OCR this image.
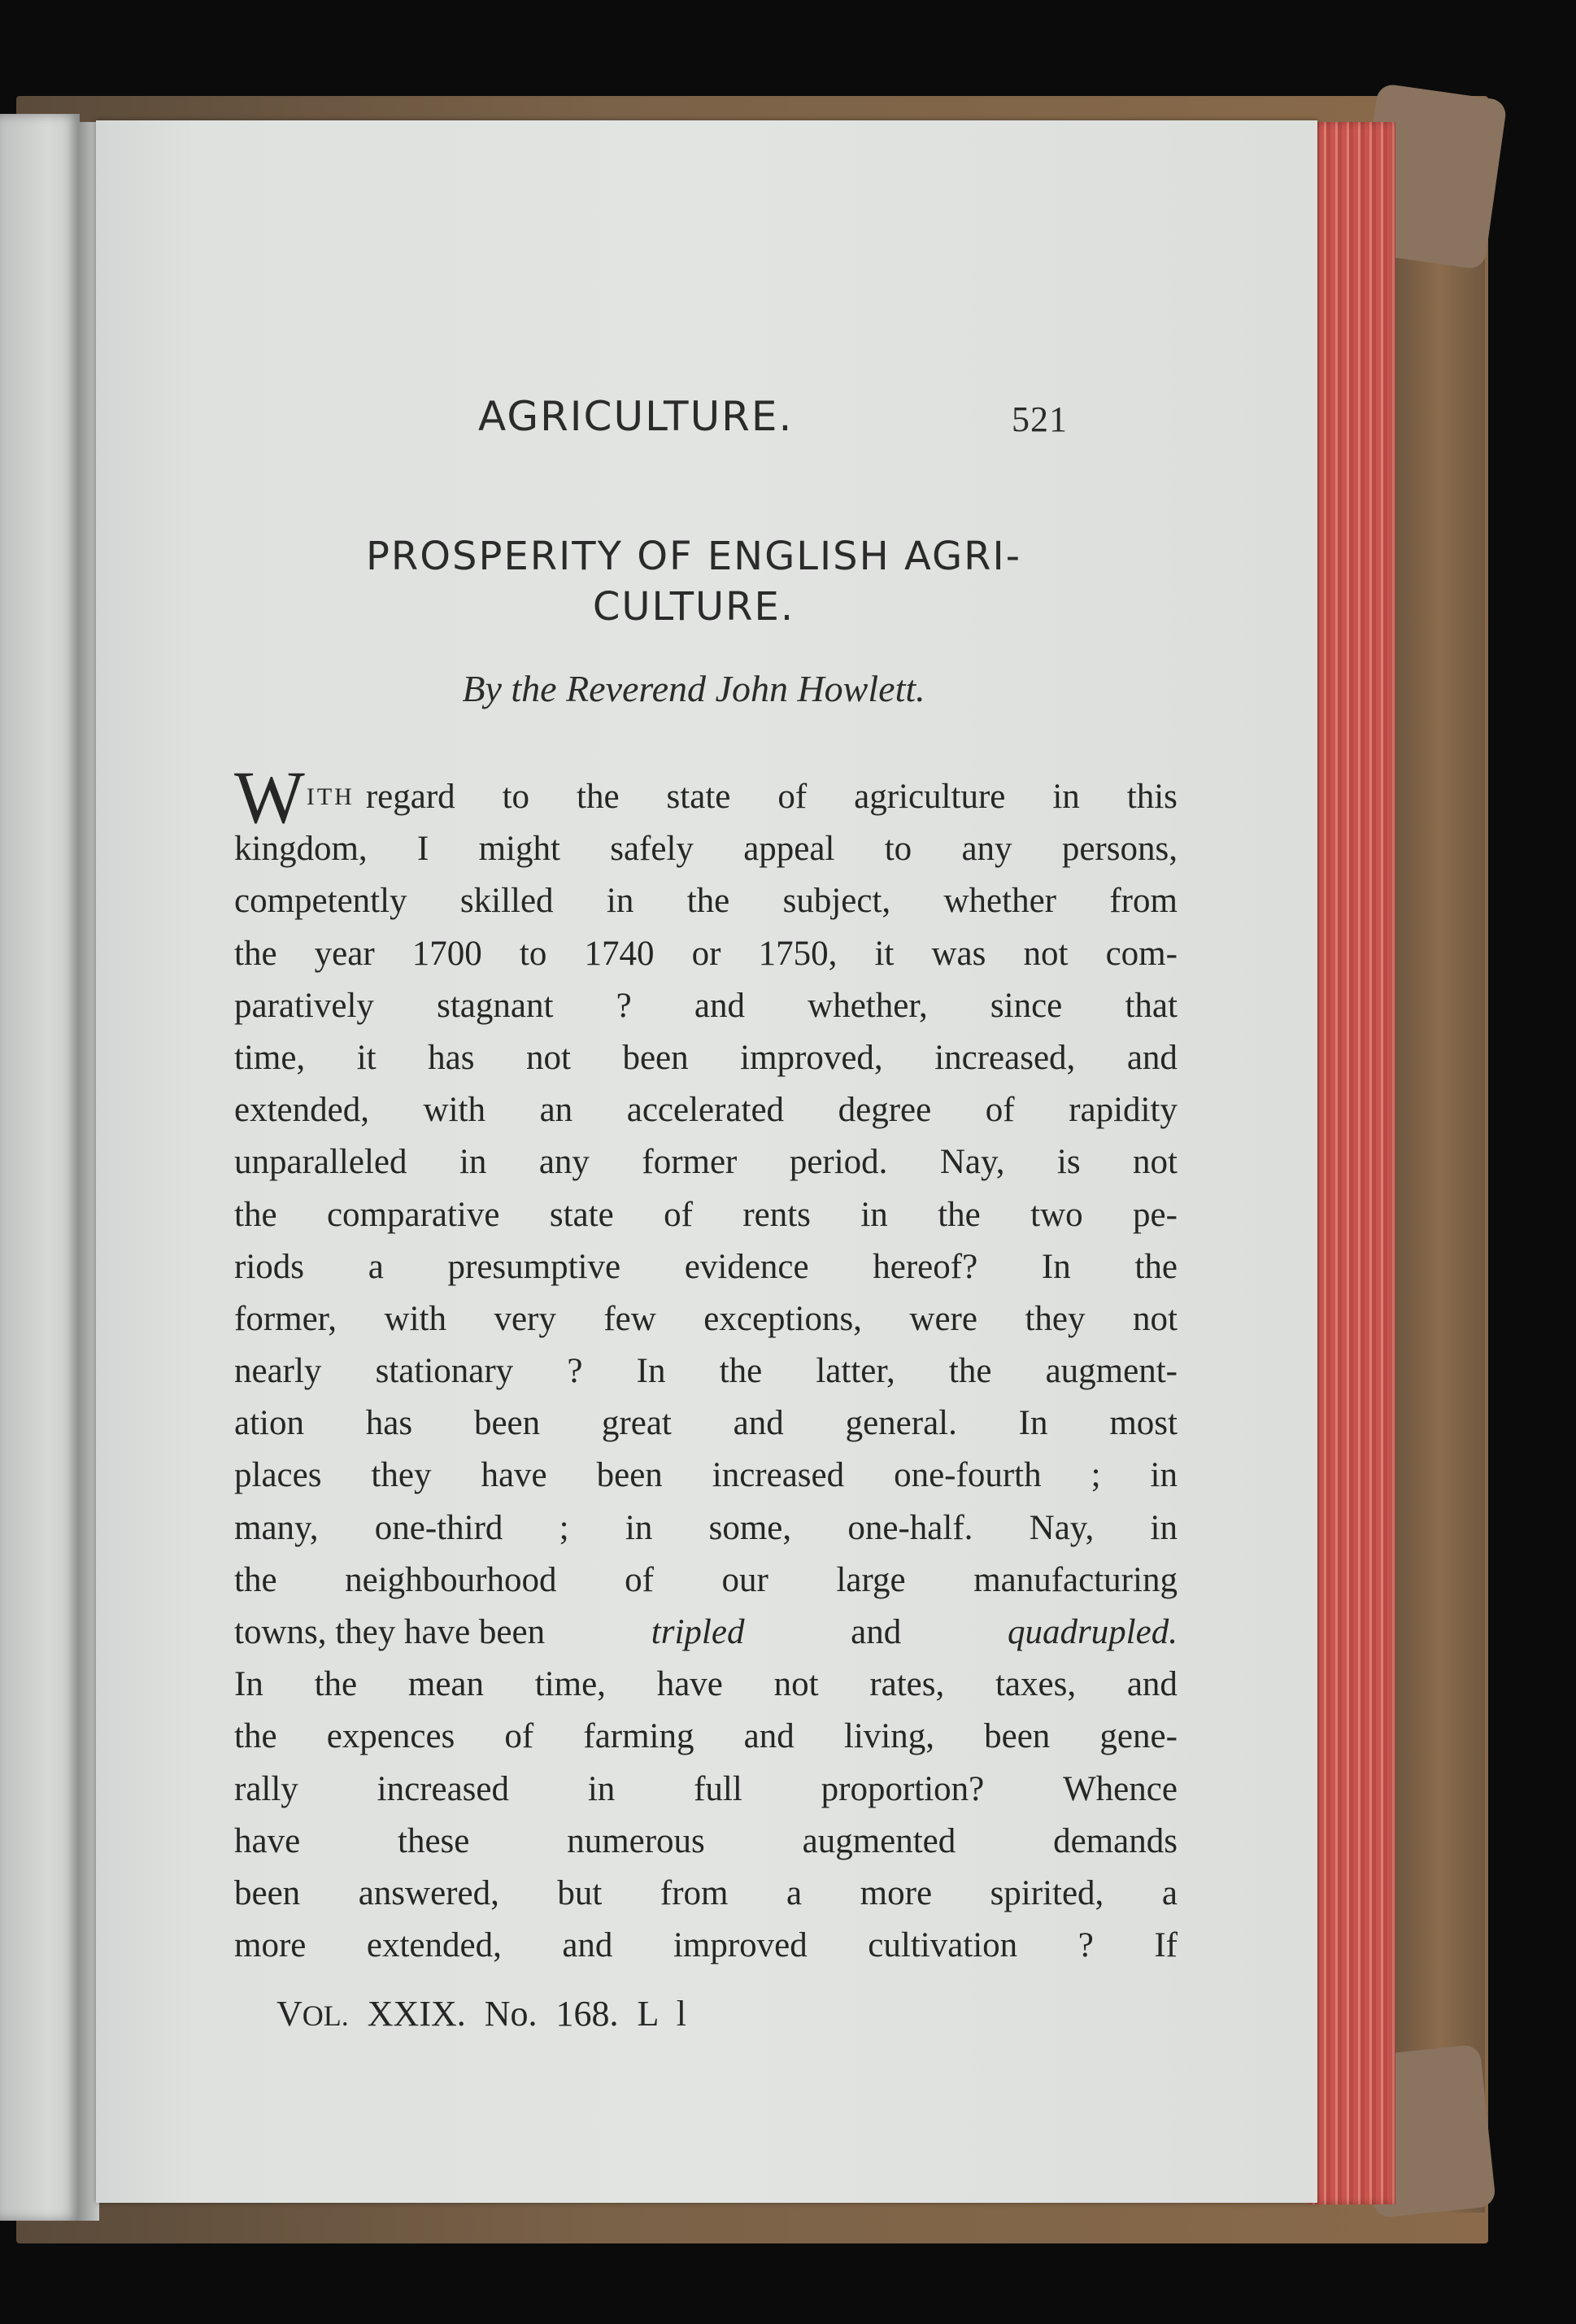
AGRICULTURE.	521
PROSPERITY OF ENGLISH AGRI-
CULTURE.
By the Reverend John Howlett.
W ITH regard to the state of agriculture in this
kingdom, I might safely appeal to any persons,
competently skilled in the subject, whether from
the year 1700 to 1740 or 1750, it was not com-
paratively stagnant ? and whether, since that
time, it has not been improved, increased, and
extended, with an accelerated degree of rapidity
unparalleled in any former period. Nay, is not
the comparative state of rents in the two pe-
riods a presumptive evidence hereof? In the
former, with very few exceptions, were they not
nearly stationary ? In the latter, the augment-
ation has been great and general. In most
places they have been increased one-fourth ; in
many, one-third ; in some, one-half. Nay, in
the neighbourhood of our large manufacturing
towns, they have been	tripled	and	quadrupled.
In the mean time, have not rates, taxes, and
the expences of farming and living, been gene-
rally increased in full proportion? Whence
have	these	numerous	augmented	demands
been answered, but from a more spirited, a
more extended, and improved cultivation ? If
VOL. XXIX. No. 168. L l
